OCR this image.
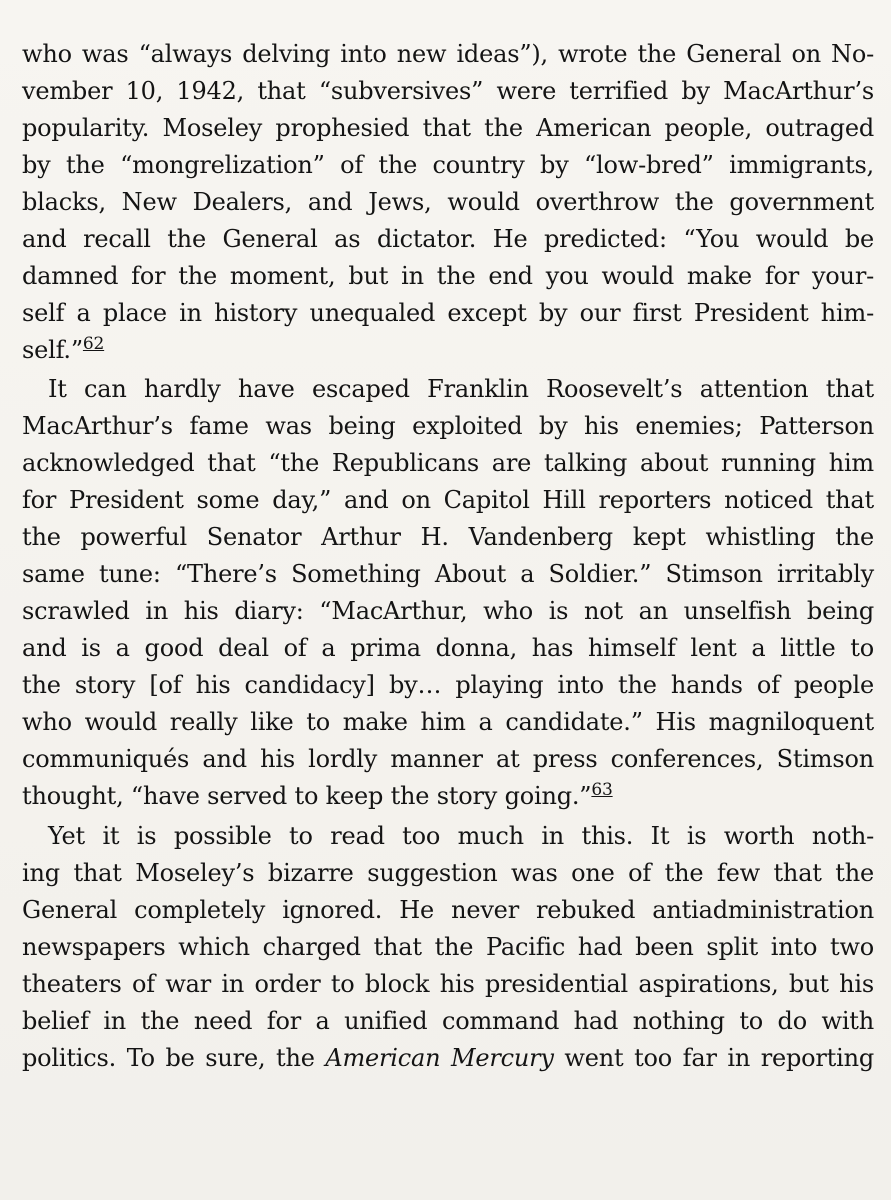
who was “always delving into new ideas”), wrote the General on No-
vember 10, 1942, that “subversives” were terrified by MacArthur’s
popularity. Moseley prophesied that the American people, outraged
by the “mongrelization” of the country by “low-bred” immigrants,
blacks, New Dealers, and Jews, would overthrow the government
and recall the General as dictator. He predicted: “You would be
damned for the moment, but in the end you would make for your-
self a place in history unequaled except by our first President him-
self.”$^{62}$
It can hardly have escaped Franklin Roosevelt’s attention that
MacArthur’s fame was being exploited by his enemies; Patterson
acknowledged that “the Republicans are talking about running him
for President some day,” and on Capitol Hill reporters noticed that
the powerful Senator Arthur H. Vandenberg kept whistling the
same tune: “There’s Something About a Soldier.” Stimson irritably
scrawled in his diary: “MacArthur, who is not an unselfish being
and is a good deal of a prima donna, has himself lent a little to
the story [of his candidacy] by… playing into the hands of people
who would really like to make him a candidate.” His magniloquent
communiqués and his lordly manner at press conferences, Stimson
thought, “have served to keep the story going.”$^{63}$
Yet it is possible to read too much in this. It is worth noth-
ing that Moseley’s bizarre suggestion was one of the few that the
General completely ignored. He never rebuked antiadministration
newspapers which charged that the Pacific had been split into two
theaters of war in order to block his presidential aspirations, but his
belief in the need for a unified command had nothing to do with
politics. To be sure, the American Mercury went too far in reporting
